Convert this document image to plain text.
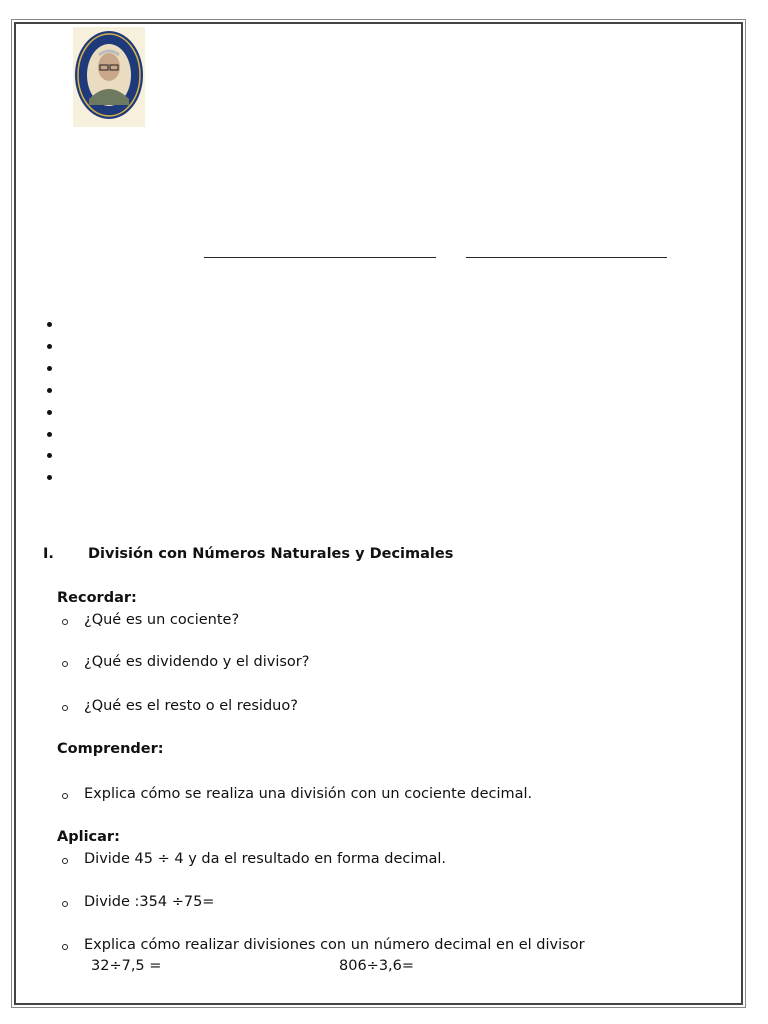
I. División con Números Naturales y Decimales
Recordar:
¿Qué es un cociente?
¿Qué es dividendo y el divisor?
¿Qué es el resto o el residuo?
Comprender:
Explica cómo se realiza una división con un cociente decimal.
Aplicar:
Divide 45 ÷ 4 y da el resultado en forma decimal.
Divide :354 ÷75=
Explica cómo realizar divisiones con un número decimal en el divisor
32÷7,5 =	806÷3,6=
